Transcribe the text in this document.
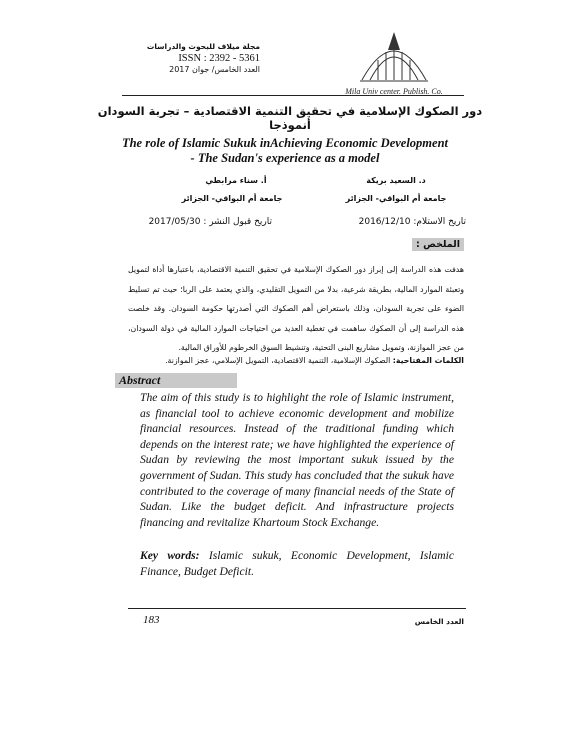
Mila Univ center. Publish. Co.
مجلة ميلاف للبحوث والدراسات
ISSN : 2392 - 5361
العدد الخامس/ جوان 2017
دور الصكوك الإسلامية في تحقيق التنمية الاقتصادية – تجربة السودان أنموذجا
The role of Islamic Sukuk inAchieving Economic Development
- The Sudan's experience as a model
د. السعيد بريكة
جامعة أم البواقي- الجزائر
أ. سناء مرابطي
جامعة أم البواقي- الجزائر
تاريخ الاستلام: 2016/12/10
تاريخ قبول النشر : 2017/05/30
الملخص :
هدفت هذه الدراسة إلى إبراز دور الصكوك الإسلامية في تحقيق التنمية الاقتصادية، باعتبارها أداة لتمويل وتعبئة الموارد المالية، بطريقة شرعية، بدلا من التمويل التقليدي، والذي يعتمد على الربا؛ حيث تم تسليط الضوء على تجربة السودان، وذلك باستعراض أهم الصكوك التي أصدرتها حكومة السودان. وقد خلصت هذه الدراسة إلى أن الصكوك ساهمت في تغطية العديد من احتياجات الموارد المالية في دولة السودان، من عجز الموازنة، وتمويل مشاريع البنى التحتية، وتنشيط السوق الخرطوم للأوراق المالية.
الكلمات المفتاحية: الصكوك الإسلامية، التنمية الاقتصادية، التمويل الإسلامي، عجز الموازنة.
Abstract
The aim of this study is to highlight the role of Islamic instrument, as financial tool to achieve economic development and mobilize financial resources. Instead of the traditional funding which depends on the interest rate; we have highlighted the experience of Sudan by reviewing the most important sukuk issued by the government of Sudan. This study has concluded that the sukuk have contributed to the coverage of many financial needs of the State of Sudan. Like the budget deficit. And infrastructure projects financing and revitalize Khartoum Stock Exchange.
Key words: Islamic sukuk, Economic Development, Islamic Finance, Budget Deficit.
183	العدد الخامس
